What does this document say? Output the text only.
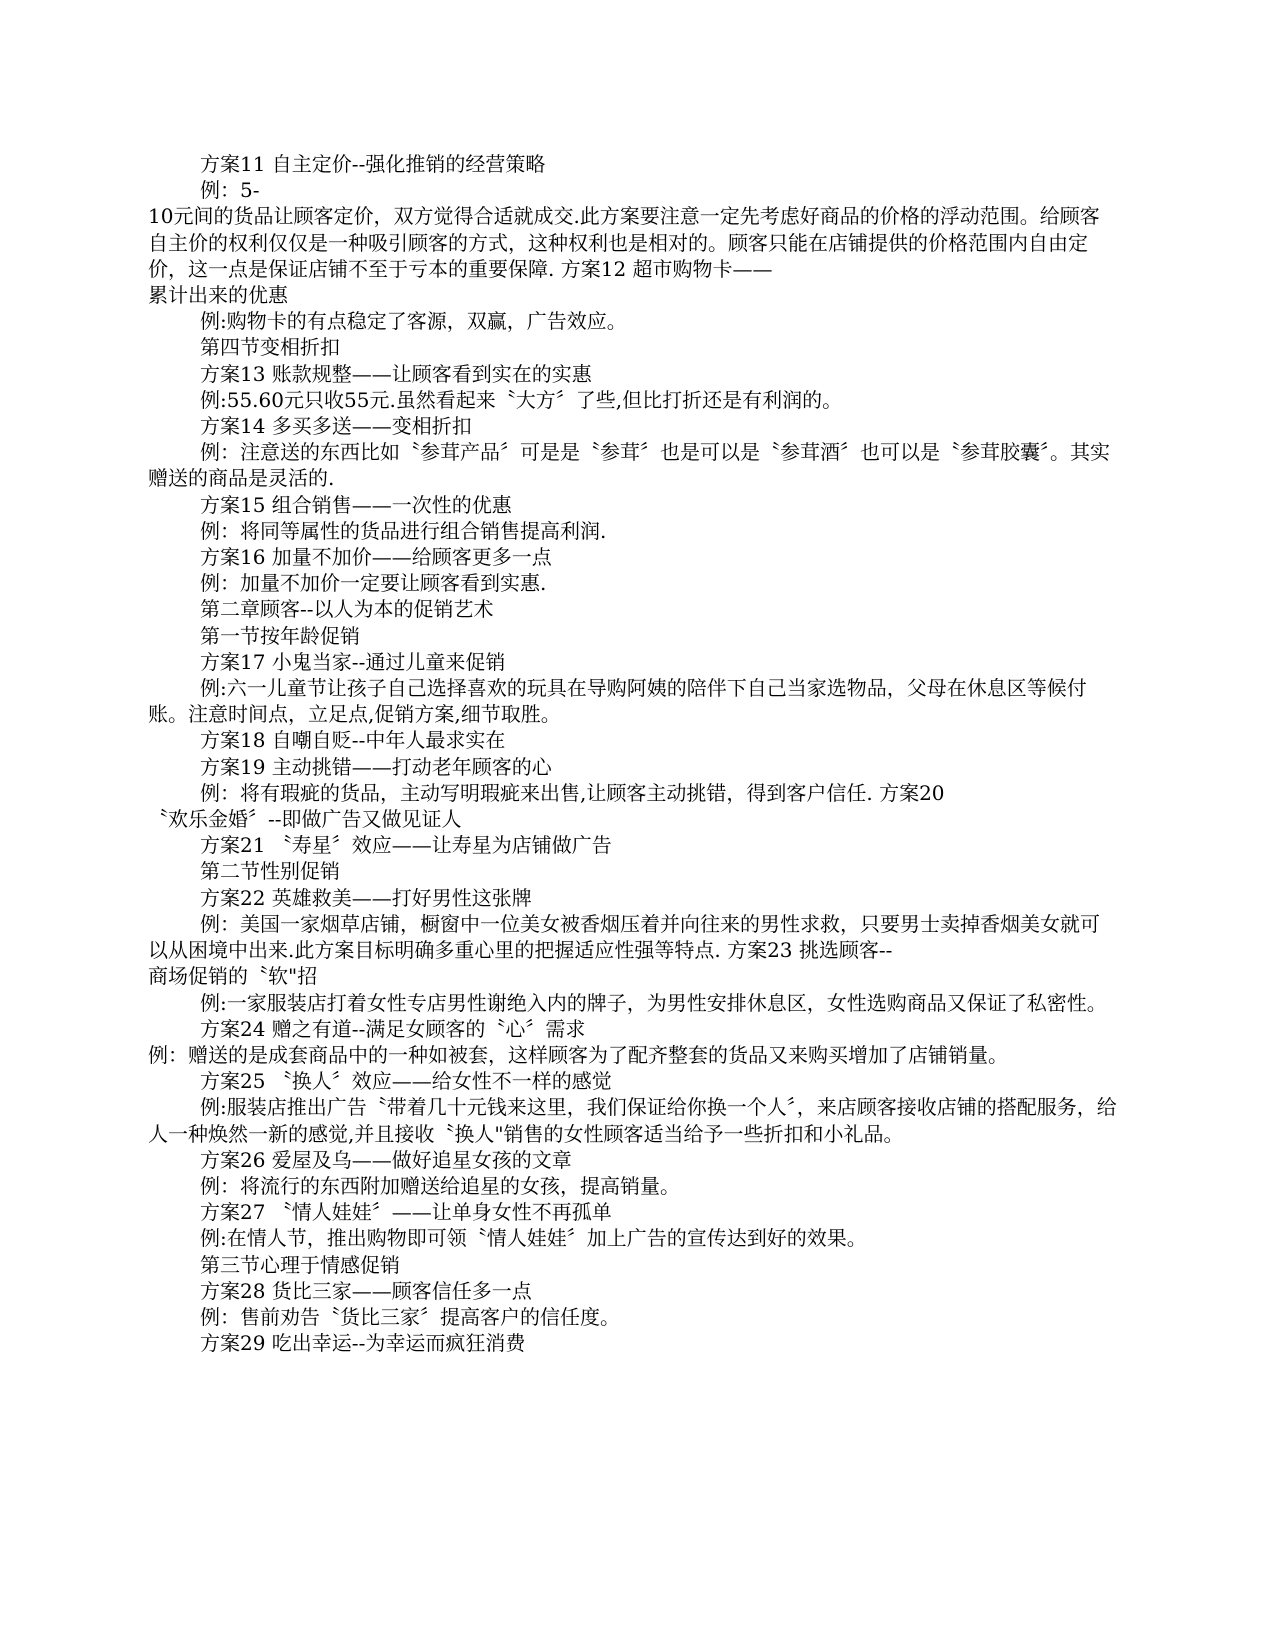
方案11 自主定价--强化推销的经营策略

例：5-

10元间的货品让顾客定价，双方觉得合适就成交.此方案要注意一定先考虑好商品的价格的浮动范围。给顾客自主价的权利仅仅是一种吸引顾客的方式，这种权利也是相对的。顾客只能在店铺提供的价格范围内自由定价，这一点是保证店铺不至于亏本的重要保障. 方案12 超市购物卡——

累计出来的优惠

例:购物卡的有点稳定了客源，双赢，广告效应。

第四节变相折扣

方案13 账款规整——让顾客看到实在的实惠

例:55.60元只收55元.虽然看起来〝大方〞了些,但比打折还是有利润的。

方案14 多买多送——变相折扣

例：注意送的东西比如〝参茸产品〞可是是〝参茸〞也是可以是〝参茸酒〞也可以是〝参茸胶囊〞。其实赠送的商品是灵活的.

方案15 组合销售——一次性的优惠

例：将同等属性的货品进行组合销售提高利润.

方案16 加量不加价——给顾客更多一点

例：加量不加价一定要让顾客看到实惠.

第二章顾客--以人为本的促销艺术

第一节按年龄促销

方案17 小鬼当家--通过儿童来促销

例:六一儿童节让孩子自己选择喜欢的玩具在导购阿姨的陪伴下自己当家选物品，父母在休息区等候付账。注意时间点，立足点,促销方案,细节取胜。

方案18 自嘲自贬--中年人最求实在

方案19 主动挑错——打动老年顾客的心

例：将有瑕疵的货品，主动写明瑕疵来出售,让顾客主动挑错，得到客户信任. 方案20

〝欢乐金婚〞--即做广告又做见证人

方案21 〝寿星〞效应——让寿星为店铺做广告

第二节性别促销

方案22 英雄救美——打好男性这张牌

例：美国一家烟草店铺，橱窗中一位美女被香烟压着并向往来的男性求救，只要男士卖掉香烟美女就可以从困境中出来.此方案目标明确多重心里的把握适应性强等特点. 方案23 挑选顾客--

商场促销的〝软"招

例:一家服装店打着女性专店男性谢绝入内的牌子，为男性安排休息区，女性选购商品又保证了私密性。

方案24 赠之有道--满足女顾客的〝心〞需求

例：赠送的是成套商品中的一种如被套，这样顾客为了配齐整套的货品又来购买增加了店铺销量。

方案25 〝换人〞效应——给女性不一样的感觉

例:服装店推出广告〝带着几十元钱来这里，我们保证给你换一个人〞，来店顾客接收店铺的搭配服务，给人一种焕然一新的感觉,并且接收〝换人"销售的女性顾客适当给予一些折扣和小礼品。

方案26 爱屋及乌——做好追星女孩的文章

例：将流行的东西附加赠送给追星的女孩，提高销量。

方案27 〝情人娃娃〞——让单身女性不再孤单

例:在情人节，推出购物即可领〝情人娃娃〞加上广告的宣传达到好的效果。

第三节心理于情感促销

方案28 货比三家——顾客信任多一点

例：售前劝告〝货比三家〞提高客户的信任度。

方案29 吃出幸运--为幸运而疯狂消费
